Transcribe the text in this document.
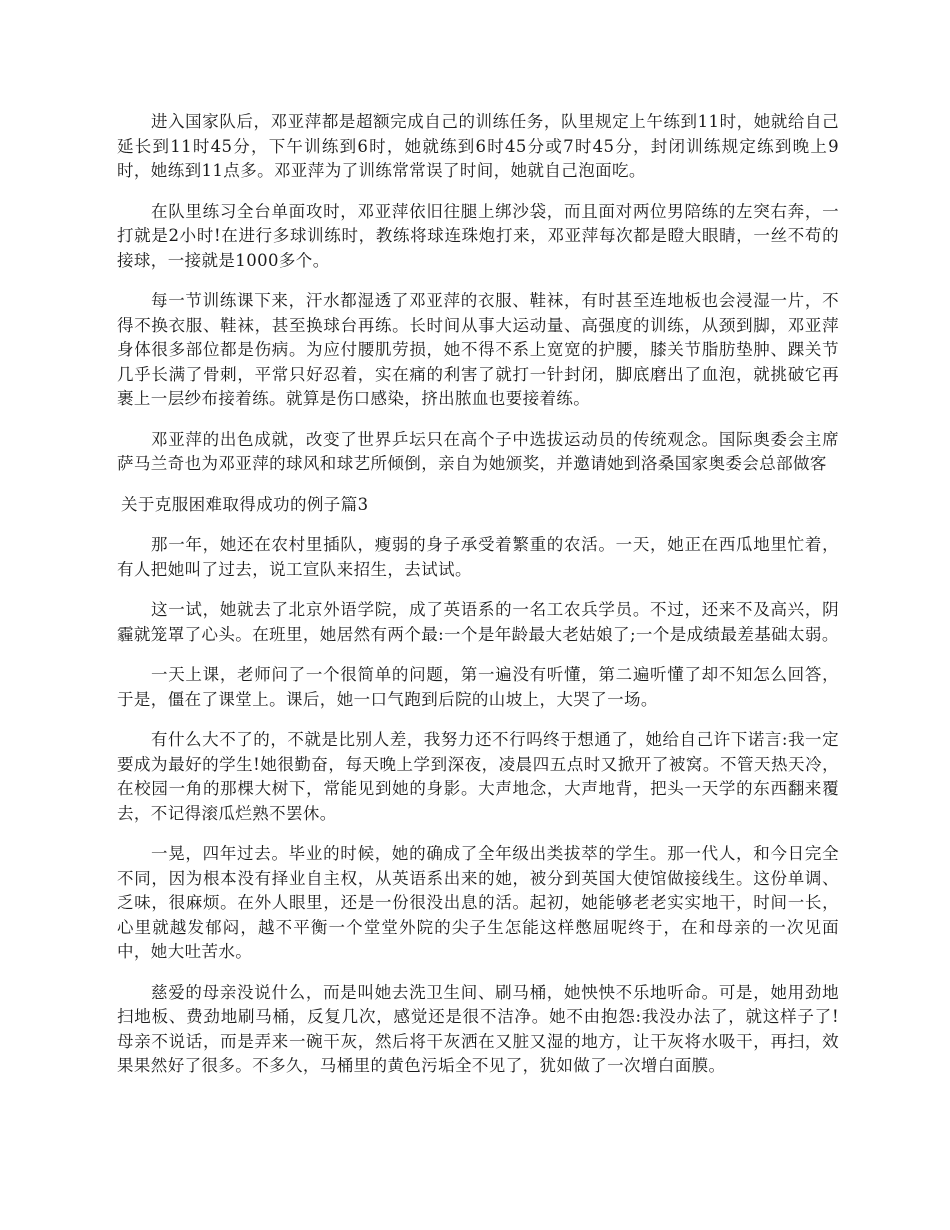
进入国家队后，邓亚萍都是超额完成自己的训练任务，队里规定上午练到11时，她就给自己延长到11时45分，下午训练到6时，她就练到6时45分或7时45分，封闭训练规定练到晚上9时，她练到11点多。邓亚萍为了训练常常误了时间，她就自己泡面吃。

在队里练习全台单面攻时，邓亚萍依旧往腿上绑沙袋，而且面对两位男陪练的左突右奔，一打就是2小时!在进行多球训练时，教练将球连珠炮打来，邓亚萍每次都是瞪大眼睛，一丝不苟的接球，一接就是1000多个。

每一节训练课下来，汗水都湿透了邓亚萍的衣服、鞋袜，有时甚至连地板也会浸湿一片，不得不换衣服、鞋袜，甚至换球台再练。长时间从事大运动量、高强度的训练，从颈到脚，邓亚萍身体很多部位都是伤病。为应付腰肌劳损，她不得不系上宽宽的护腰，膝关节脂肪垫肿、踝关节几乎长满了骨刺，平常只好忍着，实在痛的利害了就打一针封闭，脚底磨出了血泡，就挑破它再裹上一层纱布接着练。就算是伤口感染，挤出脓血也要接着练。

邓亚萍的出色成就，改变了世界乒坛只在高个子中选拔运动员的传统观念。国际奥委会主席萨马兰奇也为邓亚萍的球风和球艺所倾倒，亲自为她颁奖，并邀请她到洛桑国家奥委会总部做客

关于克服困难取得成功的例子篇3

那一年，她还在农村里插队，瘦弱的身子承受着繁重的农活。一天，她正在西瓜地里忙着，有人把她叫了过去，说工宣队来招生，去试试。

这一试，她就去了北京外语学院，成了英语系的一名工农兵学员。不过，还来不及高兴，阴霾就笼罩了心头。在班里，她居然有两个最:一个是年龄最大老姑娘了;一个是成绩最差基础太弱。

一天上课，老师问了一个很简单的问题，第一遍没有听懂，第二遍听懂了却不知怎么回答，于是，僵在了课堂上。课后，她一口气跑到后院的山坡上，大哭了一场。

有什么大不了的，不就是比别人差，我努力还不行吗终于想通了，她给自己许下诺言:我一定要成为最好的学生!她很勤奋，每天晚上学到深夜，凌晨四五点时又掀开了被窝。不管天热天冷，在校园一角的那棵大树下，常能见到她的身影。大声地念，大声地背，把头一天学的东西翻来覆去，不记得滚瓜烂熟不罢休。

一晃，四年过去。毕业的时候，她的确成了全年级出类拔萃的学生。那一代人，和今日完全不同，因为根本没有择业自主权，从英语系出来的她，被分到英国大使馆做接线生。这份单调、乏味，很麻烦。在外人眼里，还是一份很没出息的活。起初，她能够老老实实地干，时间一长，心里就越发郁闷，越不平衡一个堂堂外院的尖子生怎能这样憋屈呢终于，在和母亲的一次见面中，她大吐苦水。

慈爱的母亲没说什么，而是叫她去洗卫生间、刷马桶，她怏怏不乐地听命。可是，她用劲地扫地板、费劲地刷马桶，反复几次，感觉还是很不洁净。她不由抱怨:我没办法了，就这样子了!母亲不说话，而是弄来一碗干灰，然后将干灰洒在又脏又湿的地方，让干灰将水吸干，再扫，效果果然好了很多。不多久，马桶里的黄色污垢全不见了，犹如做了一次增白面膜。
